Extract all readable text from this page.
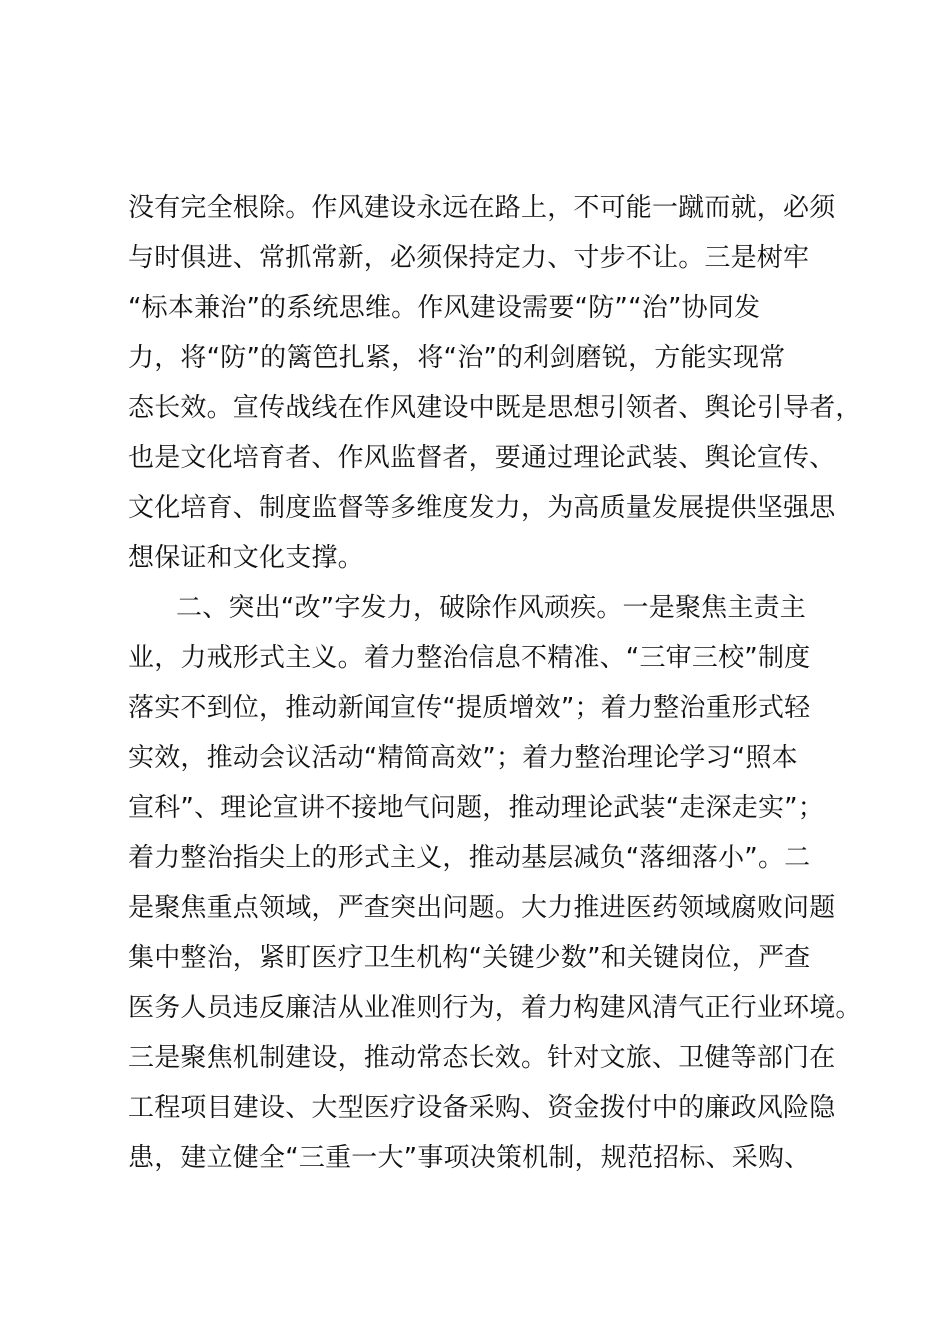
没有完全根除。作风建设永远在路上，不可能一蹴而就，必须
与时俱进、常抓常新，必须保持定力、寸步不让。三是树牢
“标本兼治”的系统思维。作风建设需要“防”“治”协同发
力，将“防”的篱笆扎紧，将“治”的利剑磨锐，方能实现常
态长效。宣传战线在作风建设中既是思想引领者、舆论引导者，
也是文化培育者、作风监督者，要通过理论武装、舆论宣传、
文化培育、制度监督等多维度发力，为高质量发展提供坚强思
想保证和文化支撑。
二、突出“改”字发力，破除作风顽疾。一是聚焦主责主
业，力戒形式主义。着力整治信息不精准、“三审三校”制度
落实不到位，推动新闻宣传“提质增效”；着力整治重形式轻
实效，推动会议活动“精简高效”；着力整治理论学习“照本
宣科”、理论宣讲不接地气问题，推动理论武装“走深走实”；
着力整治指尖上的形式主义，推动基层减负“落细落小”。二
是聚焦重点领域，严查突出问题。大力推进医药领域腐败问题
集中整治，紧盯医疗卫生机构“关键少数”和关键岗位，严查
医务人员违反廉洁从业准则行为，着力构建风清气正行业环境。
三是聚焦机制建设，推动常态长效。针对文旅、卫健等部门在
工程项目建设、大型医疗设备采购、资金拨付中的廉政风险隐
患，建立健全“三重一大”事项决策机制，规范招标、采购、
